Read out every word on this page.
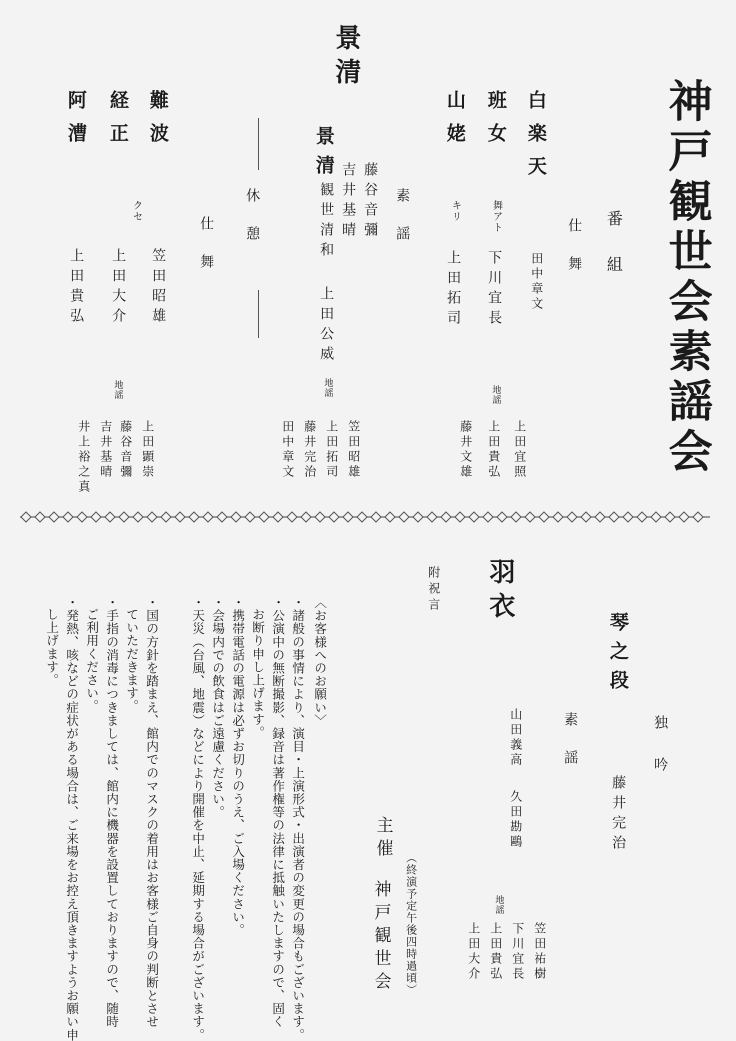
神戸観世会素謡会
番組
仕舞
白楽天
田中章文
班女
舞アト
下川宜長
山姥
キリ
上田拓司
地謡
上田宜照
上田貴弘
藤井文雄
素謡
景清
景清
藤谷音彌
吉井基晴
観世清和
上田公威
地謡
笠田昭雄
上田拓司
藤井完治
田中章文
休憩
仕舞
難波
笠田昭雄
経正
クセ
上田大介
阿漕
上田貴弘
地謡
上田顕崇
藤谷音彌
吉井基晴
井上裕之真
独吟
琴之段
藤井完治
素謡
羽衣
山田義高
久田勘鷗
地謡
笠田祐樹
下川宜長
上田貴弘
上田大介
附祝言
（終演予定午後四時過頃）
主催
神戸観世会
〈お客様へのお願い〉
・諸般の事情により、演目・上演形式・出演者の変更の場合もございます。
・公演中の無断撮影、録音は著作権等の法律に抵触いたしますので、固く
お断り申し上げます。
・携帯電話の電源は必ずお切りのうえ、ご入場ください。
・会場内での飲食はご遠慮ください。
・天災（台風、地震）などにより開催を中止、延期する場合がございます。
・国の方針を踏まえ、館内でのマスクの着用はお客様ご自身の判断とさせ
ていただきます。
・手指の消毒につきましては、館内に機器を設置しておりますので、随時
ご利用ください。
・発熱、咳などの症状がある場合は、ご来場をお控え頂きますようお願い申
し上げます。
